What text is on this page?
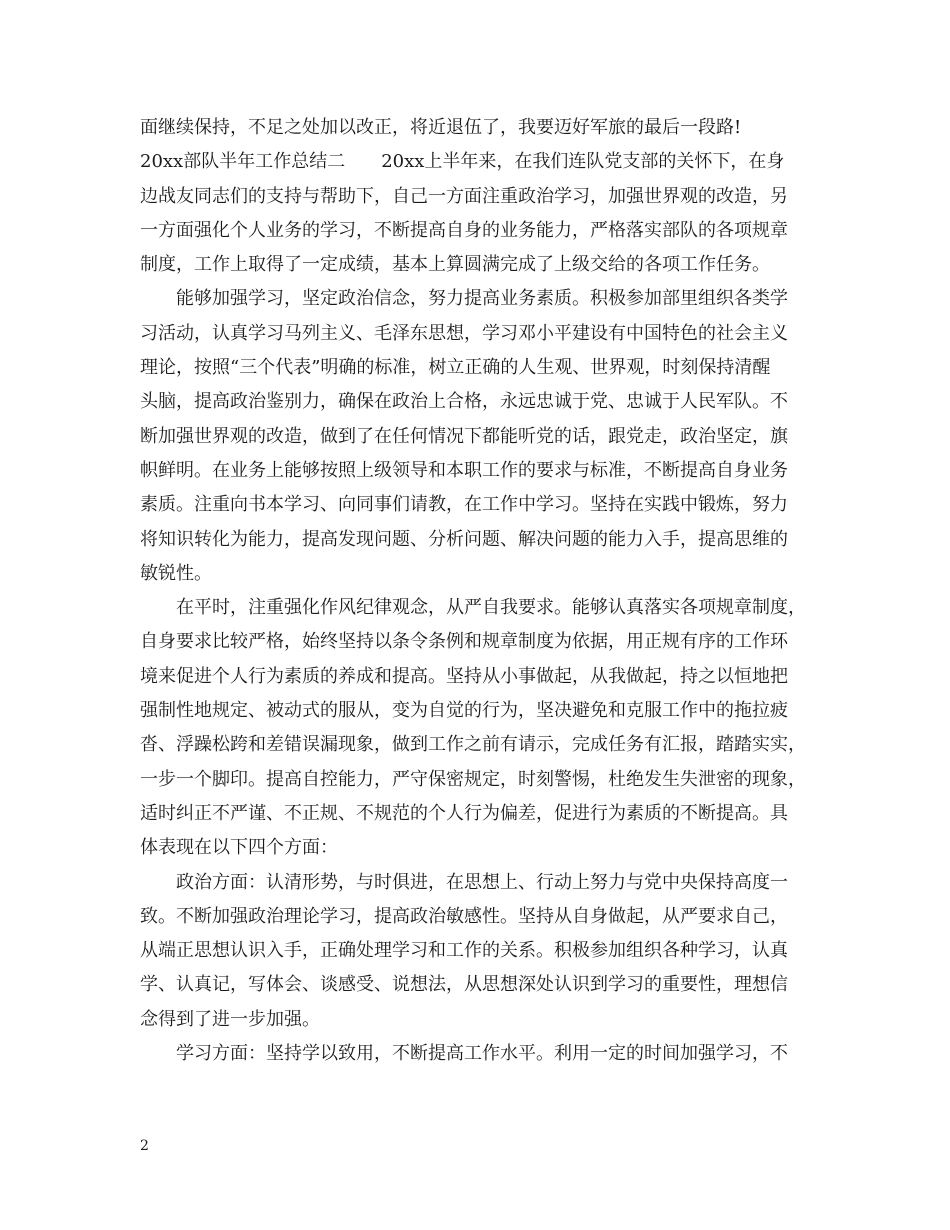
面继续保持，不足之处加以改正，将近退伍了，我要迈好军旅的最后一段路!
20xx部队半年工作总结二　　20xx上半年来，在我们连队党支部的关怀下，在身
边战友同志们的支持与帮助下，自己一方面注重政治学习，加强世界观的改造，另
一方面强化个人业务的学习，不断提高自身的业务能力，严格落实部队的各项规章
制度，工作上取得了一定成绩，基本上算圆满完成了上级交给的各项工作任务。
　　能够加强学习，坚定政治信念，努力提高业务素质。积极参加部里组织各类学
习活动，认真学习马列主义、毛泽东思想，学习邓小平建设有中国特色的社会主义
理论，按照“三个代表”明确的标准，树立正确的人生观、世界观，时刻保持清醒
头脑，提高政治鉴别力，确保在政治上合格，永远忠诚于党、忠诚于人民军队。不
断加强世界观的改造，做到了在任何情况下都能听党的话，跟党走，政治坚定，旗
帜鲜明。在业务上能够按照上级领导和本职工作的要求与标准，不断提高自身业务
素质。注重向书本学习、向同事们请教，在工作中学习。坚持在实践中锻炼，努力
将知识转化为能力，提高发现问题、分析问题、解决问题的能力入手，提高思维的
敏锐性。
　　在平时，注重强化作风纪律观念，从严自我要求。能够认真落实各项规章制度，
自身要求比较严格，始终坚持以条令条例和规章制度为依据，用正规有序的工作环
境来促进个人行为素质的养成和提高。坚持从小事做起，从我做起，持之以恒地把
强制性地规定、被动式的服从，变为自觉的行为，坚决避免和克服工作中的拖拉疲
沓、浮躁松跨和差错误漏现象，做到工作之前有请示，完成任务有汇报，踏踏实实，
一步一个脚印。提高自控能力，严守保密规定，时刻警惕，杜绝发生失泄密的现象，
适时纠正不严谨、不正规、不规范的个人行为偏差，促进行为素质的不断提高。具
体表现在以下四个方面：
　　政治方面：认清形势，与时俱进，在思想上、行动上努力与党中央保持高度一
致。不断加强政治理论学习，提高政治敏感性。坚持从自身做起，从严要求自己，
从端正思想认识入手，正确处理学习和工作的关系。积极参加组织各种学习，认真
学、认真记，写体会、谈感受、说想法，从思想深处认识到学习的重要性，理想信
念得到了进一步加强。
　　学习方面：坚持学以致用，不断提高工作水平。利用一定的时间加强学习，不
2
